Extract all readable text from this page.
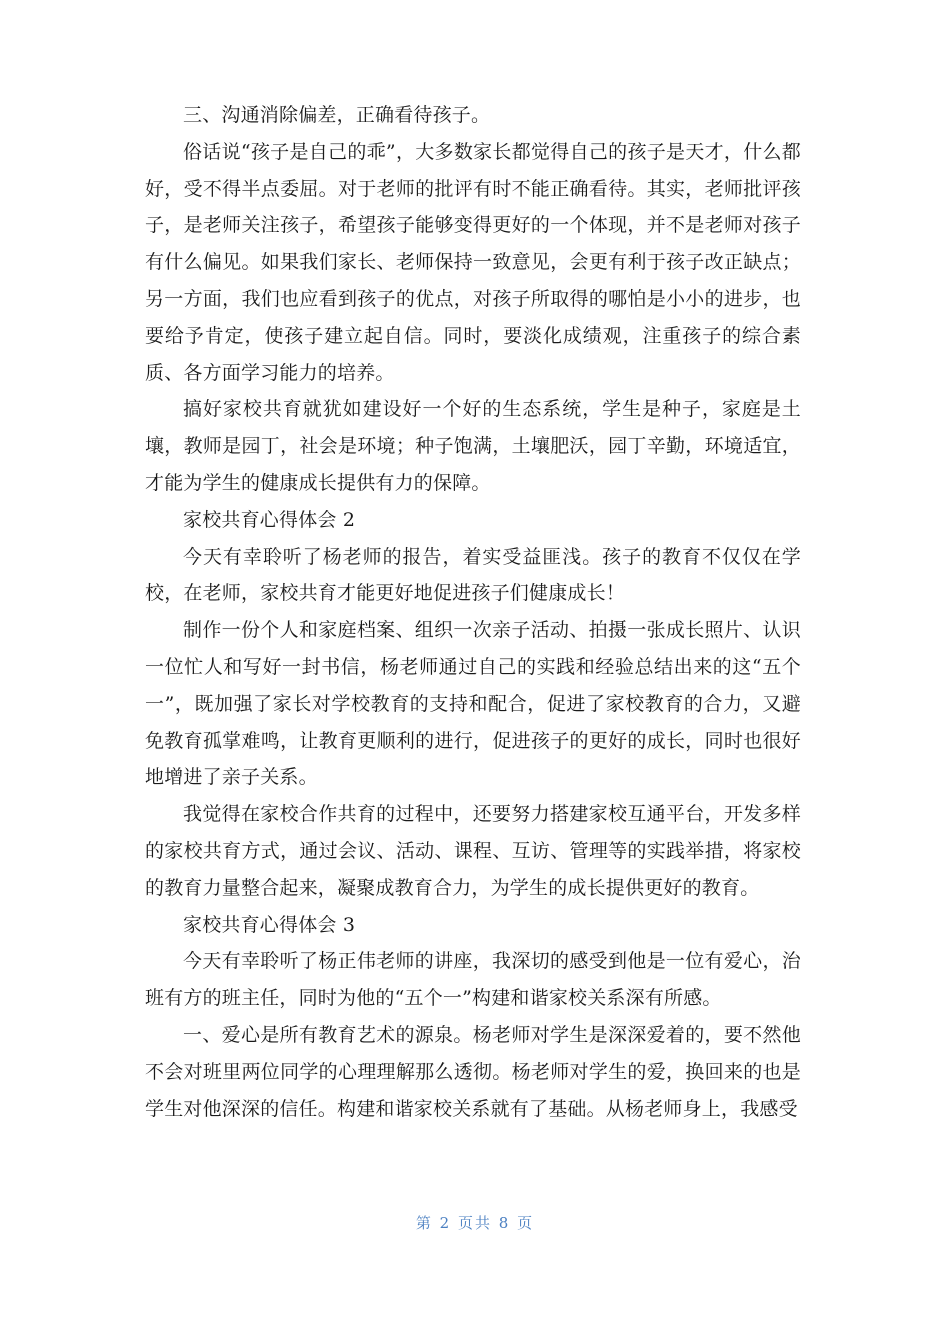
三、沟通消除偏差，正确看待孩子。

俗话说“孩子是自己的乖”，大多数家长都觉得自己的孩子是天才，什么都好，受不得半点委屈。对于老师的批评有时不能正确看待。其实，老师批评孩子，是老师关注孩子，希望孩子能够变得更好的一个体现，并不是老师对孩子有什么偏见。如果我们家长、老师保持一致意见，会更有利于孩子改正缺点；另一方面，我们也应看到孩子的优点，对孩子所取得的哪怕是小小的进步，也要给予肯定，使孩子建立起自信。同时，要淡化成绩观，注重孩子的综合素质、各方面学习能力的培养。

搞好家校共育就犹如建设好一个好的生态系统，学生是种子，家庭是土壤，教师是园丁，社会是环境；种子饱满，土壤肥沃，园丁辛勤，环境适宜，才能为学生的健康成长提供有力的保障。

家校共育心得体会 2

今天有幸聆听了杨老师的报告，着实受益匪浅。孩子的教育不仅仅在学校，在老师，家校共育才能更好地促进孩子们健康成长！

制作一份个人和家庭档案、组织一次亲子活动、拍摄一张成长照片、认识一位忙人和写好一封书信，杨老师通过自己的实践和经验总结出来的这“五个一”，既加强了家长对学校教育的支持和配合，促进了家校教育的合力，又避免教育孤掌难鸣，让教育更顺利的进行，促进孩子的更好的成长，同时也很好地增进了亲子关系。

我觉得在家校合作共育的过程中，还要努力搭建家校互通平台，开发多样的家校共育方式，通过会议、活动、课程、互访、管理等的实践举措，将家校的教育力量整合起来，凝聚成教育合力，为学生的成长提供更好的教育。

家校共育心得体会 3

今天有幸聆听了杨正伟老师的讲座，我深切的感受到他是一位有爱心，治班有方的班主任，同时为他的“五个一”构建和谐家校关系深有所感。

一、爱心是所有教育艺术的源泉。杨老师对学生是深深爱着的，要不然他不会对班里两位同学的心理理解那么透彻。杨老师对学生的爱，换回来的也是学生对他深深的信任。构建和谐家校关系就有了基础。从杨老师身上，我感受

第 2 页共 8 页
